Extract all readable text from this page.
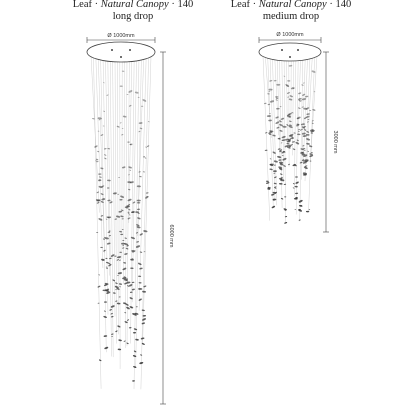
Leaf · Natural Canopy · 140
long drop
Leaf · Natural Canopy · 140
medium drop
Ø 1000mm
6000 mm
Ø 1000mm
3000 mm
